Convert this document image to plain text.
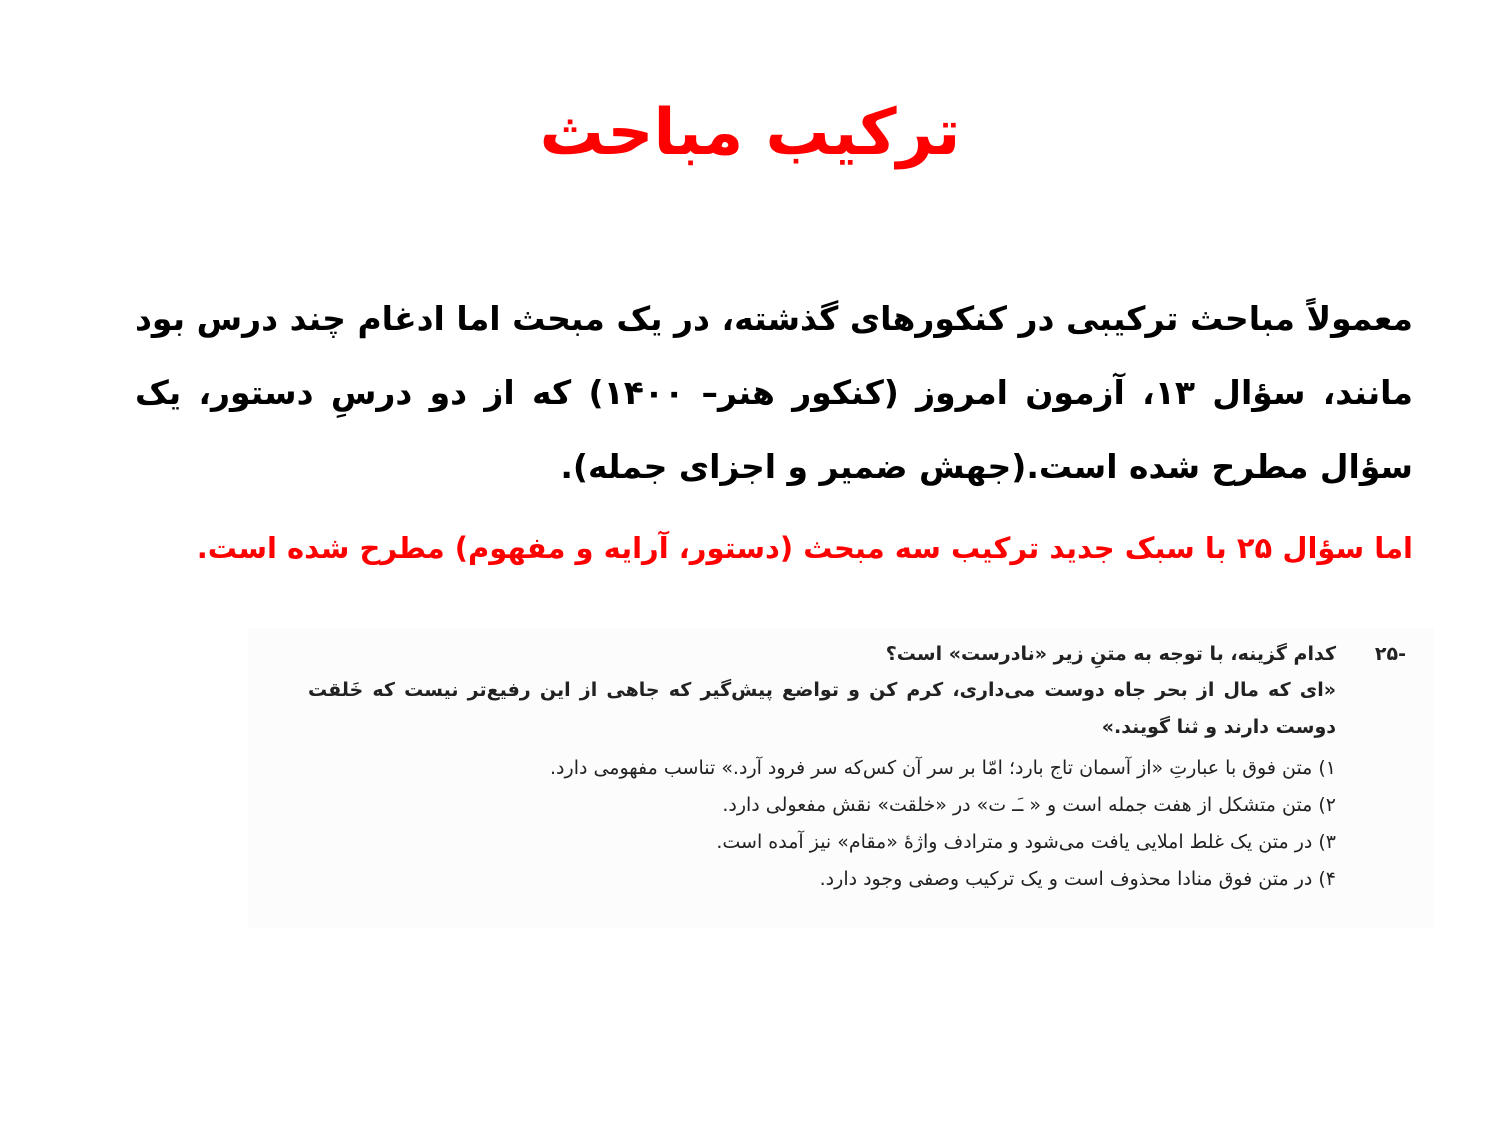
ترکیب مباحث

معمولاً مباحث ترکیبی در کنکورهای گذشته، در یک مبحث اما ادغام چند درس بود مانند، سؤال ۱۳، آزمون امروز (کنکور هنر– ۱۴۰۰) که از دو درسِ دستور، یک سؤال مطرح شده است.(جهش ضمیر و اجزای جمله).

اما سؤال ۲۵ با سبک جدید ترکیب سه مبحث (دستور، آرایه و مفهوم) مطرح شده است.

۲۵-
کدام گزینه، با توجه به متنِ زیر «نادرست» است؟

«ای که مال از بحر جاه دوست می‌داری، کرم کن و تواضع پیش‌گیر که جاهی از این رفیع‌تر نیست که خَلقت دوست دارند و ثنا گویند.»

۱)
متن فوق با عبارتِ «از آسمان تاج بارد؛ امّا بر سر آن کس‌که سر فرود آرد.» تناسب مفهومی دارد.
۲)
متن متشکل از هفت جمله است و « ـَـ ت» در «خلقت» نقش مفعولی دارد.
۳)
در متن یک غلط املایی یافت می‌شود و مترادف واژهٔ «مقام» نیز آمده است.
۴)
در متن فوق منادا محذوف است و یک ترکیب وصفی وجود دارد.
